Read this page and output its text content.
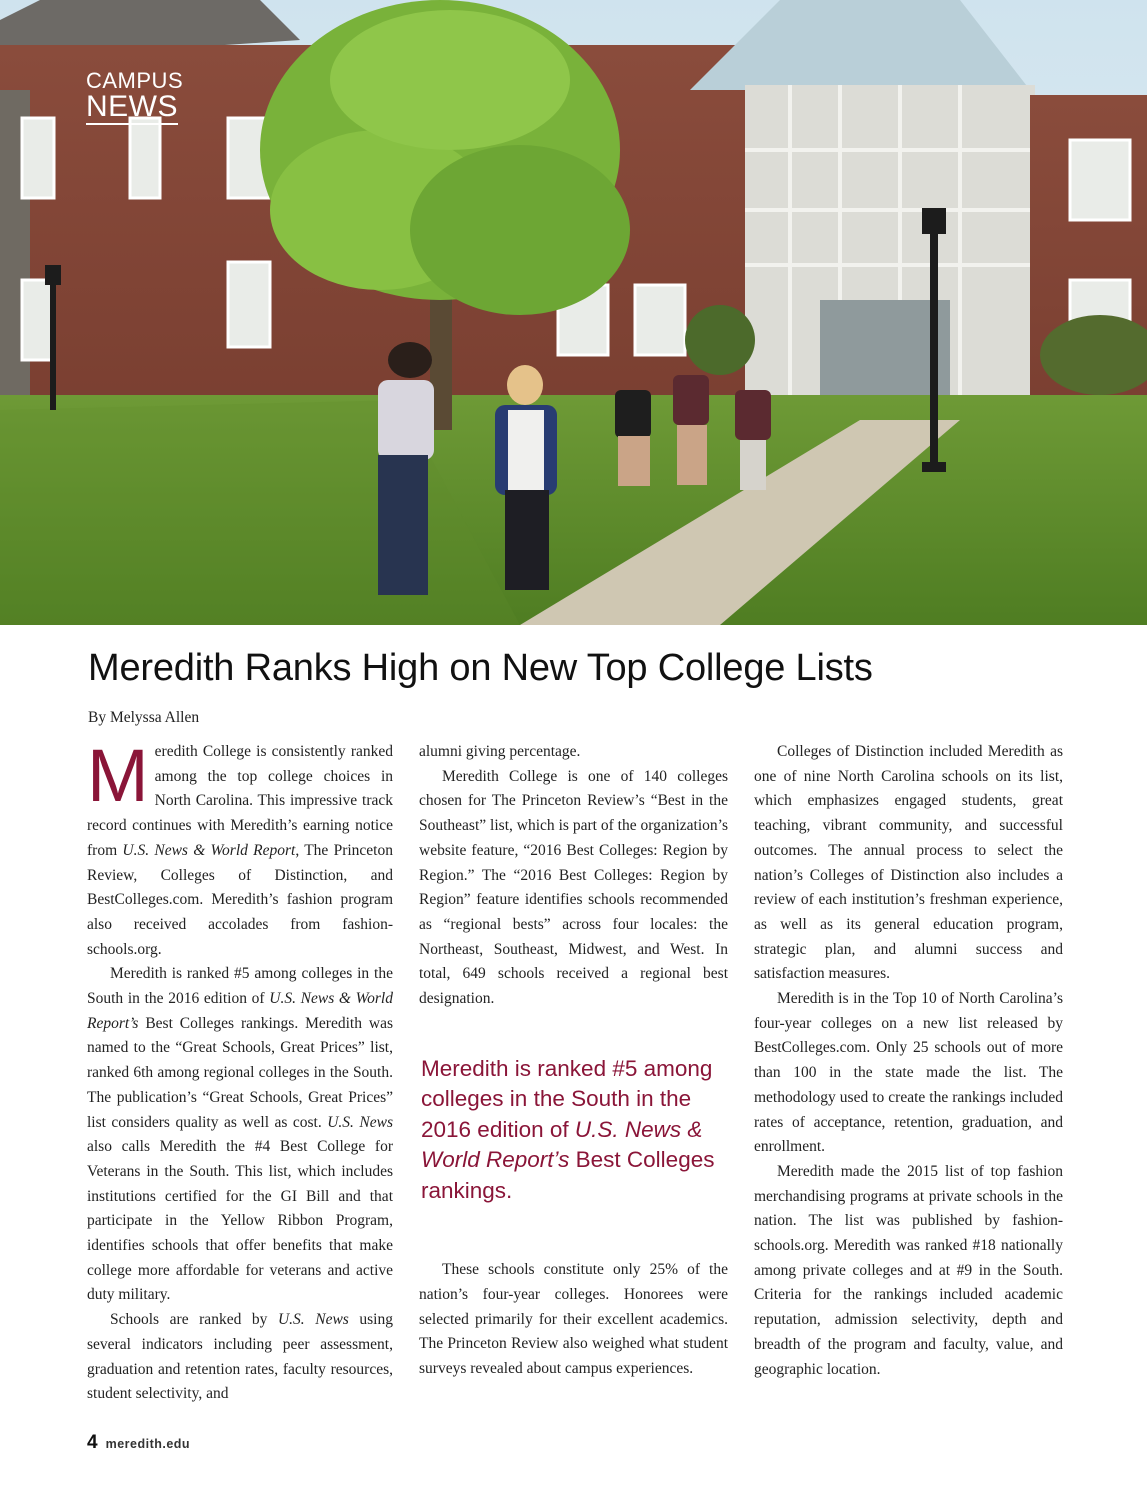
CAMPUS
NEWS
Meredith Ranks High on New Top College Lists
By Melyssa Allen

Meredith College is consistently ranked among the top college choices in North Carolina. This impressive track record continues with Meredith’s earning notice from U.S. News & World Report, The Princeton Review, Colleges of Distinction, and BestColleges.com. Meredith’s fashion program also received accolades from fashion-schools.org.

Meredith is ranked #5 among colleges in the South in the 2016 edition of U.S. News & World Report’s Best Colleges rankings. Meredith was named to the “Great Schools, Great Prices” list, ranked 6th among regional colleges in the South. The publication’s “Great Schools, Great Prices” list considers quality as well as cost. U.S. News also calls Meredith the #4 Best College for Veterans in the South. This list, which includes institutions certified for the GI Bill and that participate in the Yellow Ribbon Program, identifies schools that offer benefits that make college more affordable for veterans and active duty military.

Schools are ranked by U.S. News using several indicators including peer assessment, graduation and retention rates, faculty resources, student selectivity, and

alumni giving percentage.

Meredith College is one of 140 colleges chosen for The Princeton Review’s “Best in the Southeast” list, which is part of the organization’s website feature, “2016 Best Colleges: Region by Region.” The “2016 Best Colleges: Region by Region” feature identifies schools recommended as “regional bests” across four locales: the Northeast, Southeast, Midwest, and West. In total, 649 schools received a regional best designation.

Meredith is ranked #5 among colleges in the South in the 2016 edition of U.S. News & World Report’s Best Colleges rankings.

These schools constitute only 25% of the nation’s four-year colleges. Honorees were selected primarily for their excellent academics. The Princeton Review also weighed what student surveys revealed about campus experiences.

Colleges of Distinction included Meredith as one of nine North Carolina schools on its list, which emphasizes engaged students, great teaching, vibrant community, and successful outcomes. The annual process to select the nation’s Colleges of Distinction also includes a review of each institution’s freshman experience, as well as its general education program, strategic plan, and alumni success and satisfaction measures.

Meredith is in the Top 10 of North Carolina’s four-year colleges on a new list released by BestColleges.com. Only 25 schools out of more than 100 in the state made the list. The methodology used to create the rankings included rates of acceptance, retention, graduation, and enrollment.

Meredith made the 2015 list of top fashion merchandising programs at private schools in the nation. The list was published by fashion-schools.org. Meredith was ranked #18 nationally among private colleges and at #9 in the South. Criteria for the rankings included academic reputation, admission selectivity, depth and breadth of the program and faculty, value, and geographic location.

4 meredith.edu
